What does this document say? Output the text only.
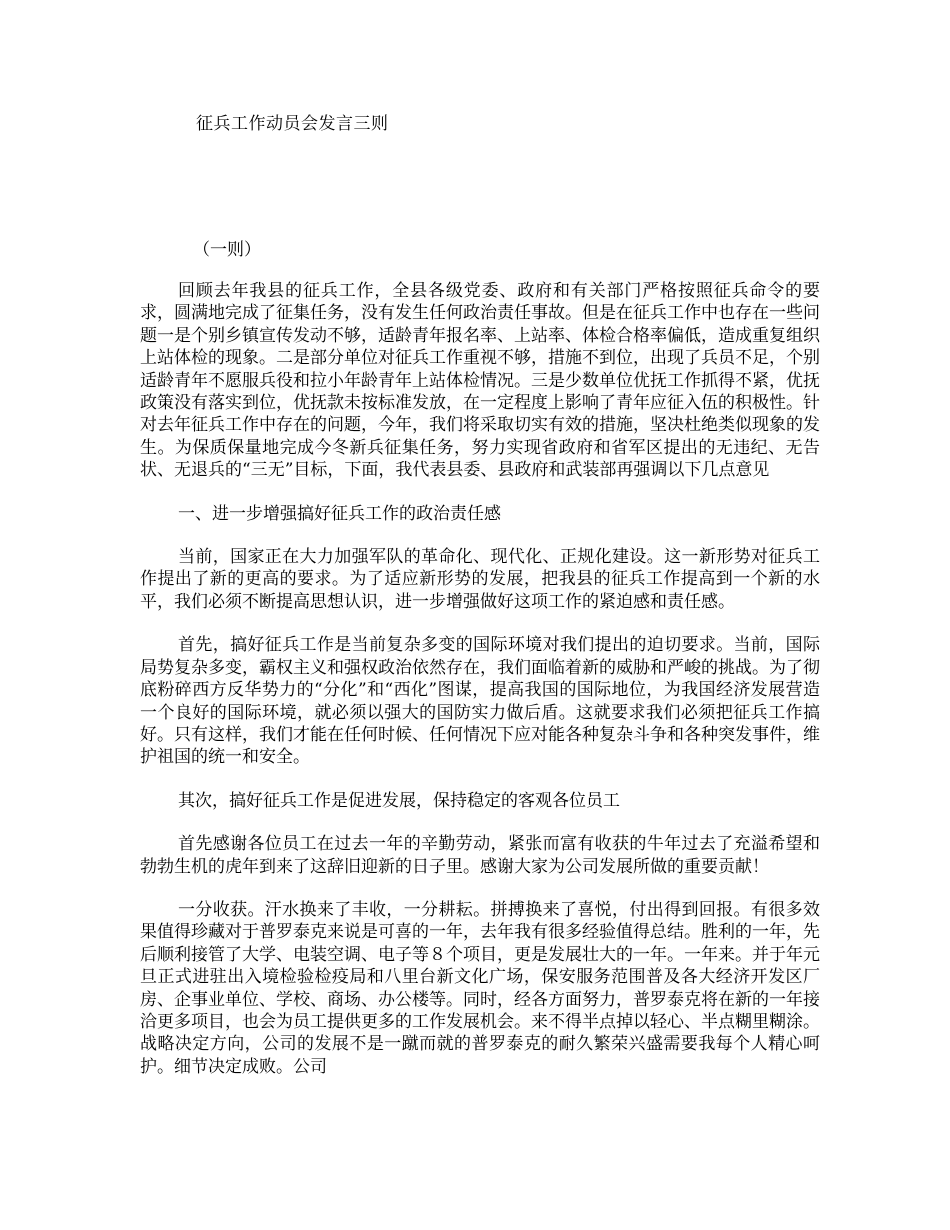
征兵工作动员会发言三则
（一则）

回顾去年我县的征兵工作，全县各级党委、政府和有关部门严格按照征兵命令的要求，圆满地完成了征集任务，没有发生任何政治责任事故。但是在征兵工作中也存在一些问题一是个别乡镇宣传发动不够，适龄青年报名率、上站率、体检合格率偏低，造成重复组织上站体检的现象。二是部分单位对征兵工作重视不够，措施不到位，出现了兵员不足，个别适龄青年不愿服兵役和拉小年龄青年上站体检情况。三是少数单位优抚工作抓得不紧，优抚政策没有落实到位，优抚款未按标准发放，在一定程度上影响了青年应征入伍的积极性。针对去年征兵工作中存在的问题，今年，我们将采取切实有效的措施，坚决杜绝类似现象的发生。为保质保量地完成今冬新兵征集任务，努力实现省政府和省军区提出的无违纪、无告状、无退兵的“三无”目标，下面，我代表县委、县政府和武装部再强调以下几点意见

一、进一步增强搞好征兵工作的政治责任感

当前，国家正在大力加强军队的革命化、现代化、正规化建设。这一新形势对征兵工作提出了新的更高的要求。为了适应新形势的发展，把我县的征兵工作提高到一个新的水平，我们必须不断提高思想认识，进一步增强做好这项工作的紧迫感和责任感。

首先，搞好征兵工作是当前复杂多变的国际环境对我们提出的迫切要求。当前，国际局势复杂多变，霸权主义和强权政治依然存在，我们面临着新的威胁和严峻的挑战。为了彻底粉碎西方反华势力的“分化”和“西化”图谋，提高我国的国际地位，为我国经济发展营造一个良好的国际环境，就必须以强大的国防实力做后盾。这就要求我们必须把征兵工作搞好。只有这样，我们才能在任何时候、任何情况下应对能各种复杂斗争和各种突发事件，维护祖国的统一和安全。

其次，搞好征兵工作是促进发展，保持稳定的客观各位员工

首先感谢各位员工在过去一年的辛勤劳动，紧张而富有收获的牛年过去了充溢希望和勃勃生机的虎年到来了这辞旧迎新的日子里。感谢大家为公司发展所做的重要贡献！

一分收获。汗水换来了丰收，一分耕耘。拼搏换来了喜悦，付出得到回报。有很多效果值得珍藏对于普罗泰克来说是可喜的一年，去年我有很多经验值得总结。胜利的一年，先后顺利接管了大学、电装空调、电子等８个项目，更是发展壮大的一年。一年来。并于年元旦正式进驻出入境检验检疫局和八里台新文化广场，保安服务范围普及各大经济开发区厂房、企事业单位、学校、商场、办公楼等。同时，经各方面努力，普罗泰克将在新的一年接洽更多项目，也会为员工提供更多的工作发展机会。来不得半点掉以轻心、半点糊里糊涂。战略决定方向，公司的发展不是一蹴而就的普罗泰克的耐久繁荣兴盛需要我每个人精心呵护。细节决定成败。公司
